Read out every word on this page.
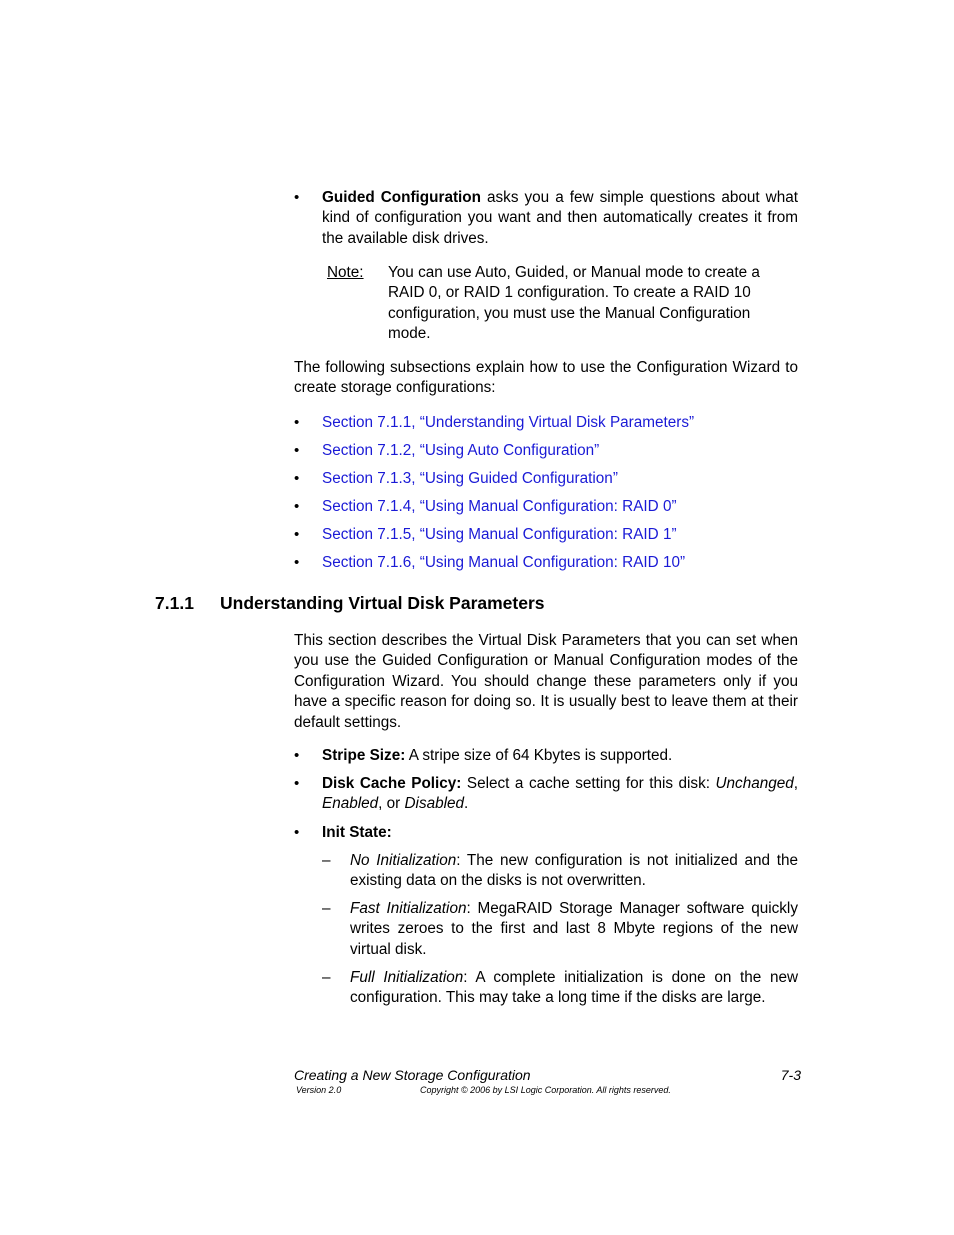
• Guided Configuration asks you a few simple questions about what kind of configuration you want and then automatically creates it from the available disk drives.
Note: You can use Auto, Guided, or Manual mode to create a RAID 0, or RAID 1 configuration. To create a RAID 10 configuration, you must use the Manual Configuration mode.
The following subsections explain how to use the Configuration Wizard to create storage configurations:
• Section 7.1.1, “Understanding Virtual Disk Parameters”
• Section 7.1.2, “Using Auto Configuration”
• Section 7.1.3, “Using Guided Configuration”
• Section 7.1.4, “Using Manual Configuration: RAID 0”
• Section 7.1.5, “Using Manual Configuration: RAID 1”
• Section 7.1.6, “Using Manual Configuration: RAID 10”
7.1.1 Understanding Virtual Disk Parameters
This section describes the Virtual Disk Parameters that you can set when you use the Guided Configuration or Manual Configuration modes of the Configuration Wizard. You should change these parameters only if you have a specific reason for doing so. It is usually best to leave them at their default settings.
• Stripe Size: A stripe size of 64 Kbytes is supported.
• Disk Cache Policy: Select a cache setting for this disk: Unchanged, Enabled, or Disabled.
• Init State:
– No Initialization: The new configuration is not initialized and the existing data on the disks is not overwritten.
– Fast Initialization: MegaRAID Storage Manager software quickly writes zeroes to the first and last 8 Mbyte regions of the new virtual disk.
– Full Initialization: A complete initialization is done on the new configuration. This may take a long time if the disks are large.
Creating a New Storage Configuration	7-3
Version 2.0	Copyright © 2006 by LSI Logic Corporation. All rights reserved.
